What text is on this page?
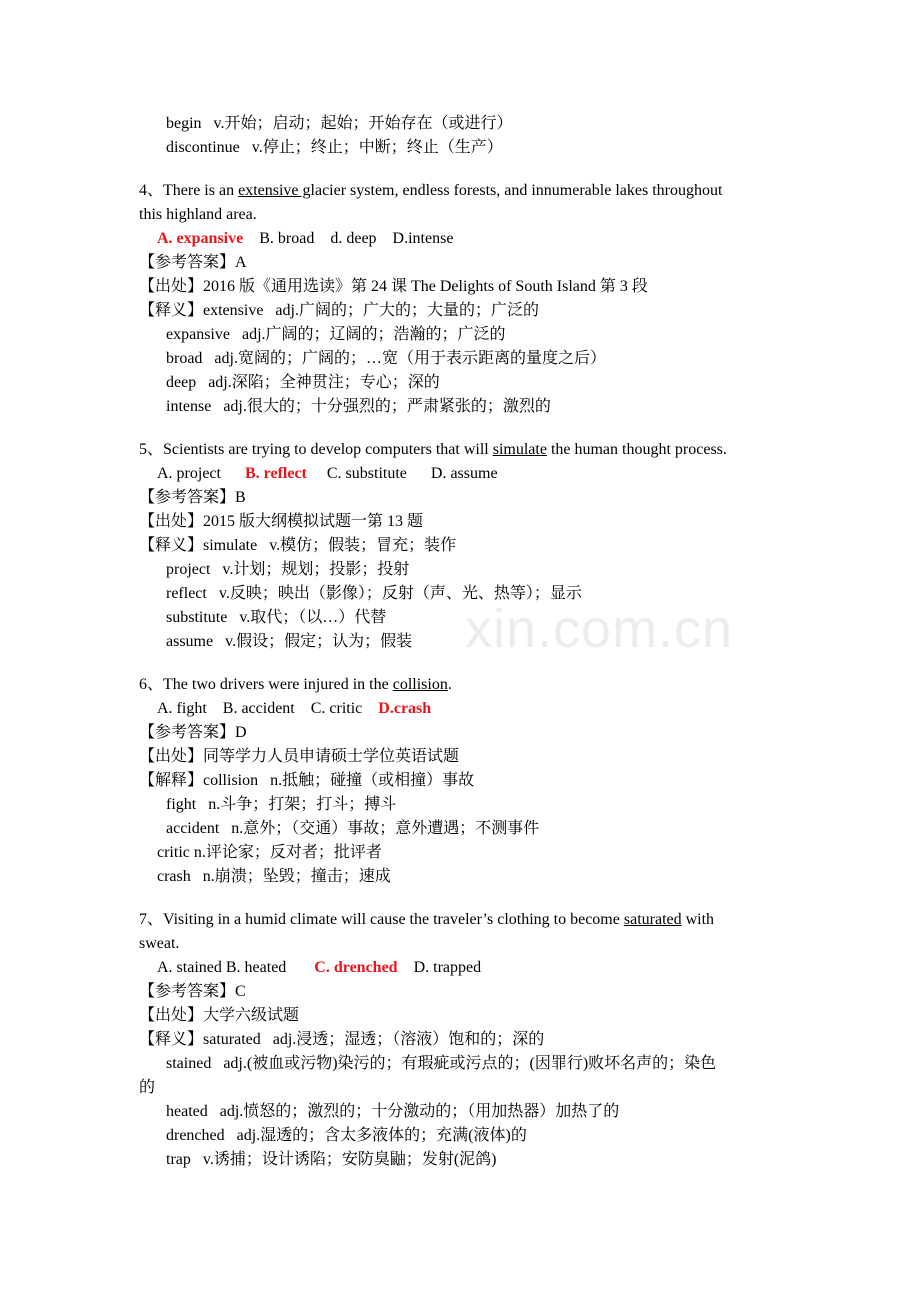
begin   v.开始；启动；起始；开始存在（或进行）
discontinue   v.停止；终止；中断；终止（生产）
4、There is an extensive glacier system, endless forests, and innumerable lakes throughout
this highland area.
A. expansive B. broad    d. deep    D.intense
【参考答案】A
【出处】2016 版《通用选读》第 24 课 The Delights of South Island 第 3 段
【释义】extensive   adj.广阔的；广大的；大量的；广泛的
expansive   adj.广阔的；辽阔的；浩瀚的；广泛的
broad   adj.宽阔的；广阔的；…宽（用于表示距离的量度之后）
deep   adj.深陷；全神贯注；专心；深的
intense   adj.很大的；十分强烈的；严肃紧张的；激烈的
5、Scientists are trying to develop computers that will simulate the human thought process.
A. project      B. reflect     C. substitute      D. assume
【参考答案】B
【出处】2015 版大纲模拟试题一第 13 题
【释义】simulate   v.模仿；假装；冒充；装作
project   v.计划；规划；投影；投射
reflect   v.反映；映出（影像）；反射（声、光、热等）；显示
substitute   v.取代；（以…）代替
assume   v.假设；假定；认为；假装
6、The two drivers were injured in the collision.
A. fight    B. accident    C. critic    D.crash
【参考答案】D
【出处】同等学力人员申请硕士学位英语试题
【解释】collision   n.抵触；碰撞（或相撞）事故
fight   n.斗争；打架；打斗；搏斗
accident   n.意外；（交通）事故；意外遭遇；不测事件
critic n.评论家；反对者；批评者
crash   n.崩溃；坠毁；撞击；速成
7、Visiting in a humid climate will cause the traveler’s clothing to become saturated with
sweat.
A. stained B. heated       C. drenched    D. trapped
【参考答案】C
【出处】大学六级试题
【释义】saturated   adj.浸透；湿透；（溶液）饱和的；深的
stained   adj.(被血或污物)染污的；有瑕疵或污点的；(因罪行)败坏名声的；染色
的
heated   adj.愤怒的；激烈的；十分激动的；（用加热器）加热了的
drenched   adj.湿透的；含太多液体的；充满(液体)的
trap   v.诱捕；设计诱陷；安防臭鼬；发射(泥鸽)
xin.com.cn
